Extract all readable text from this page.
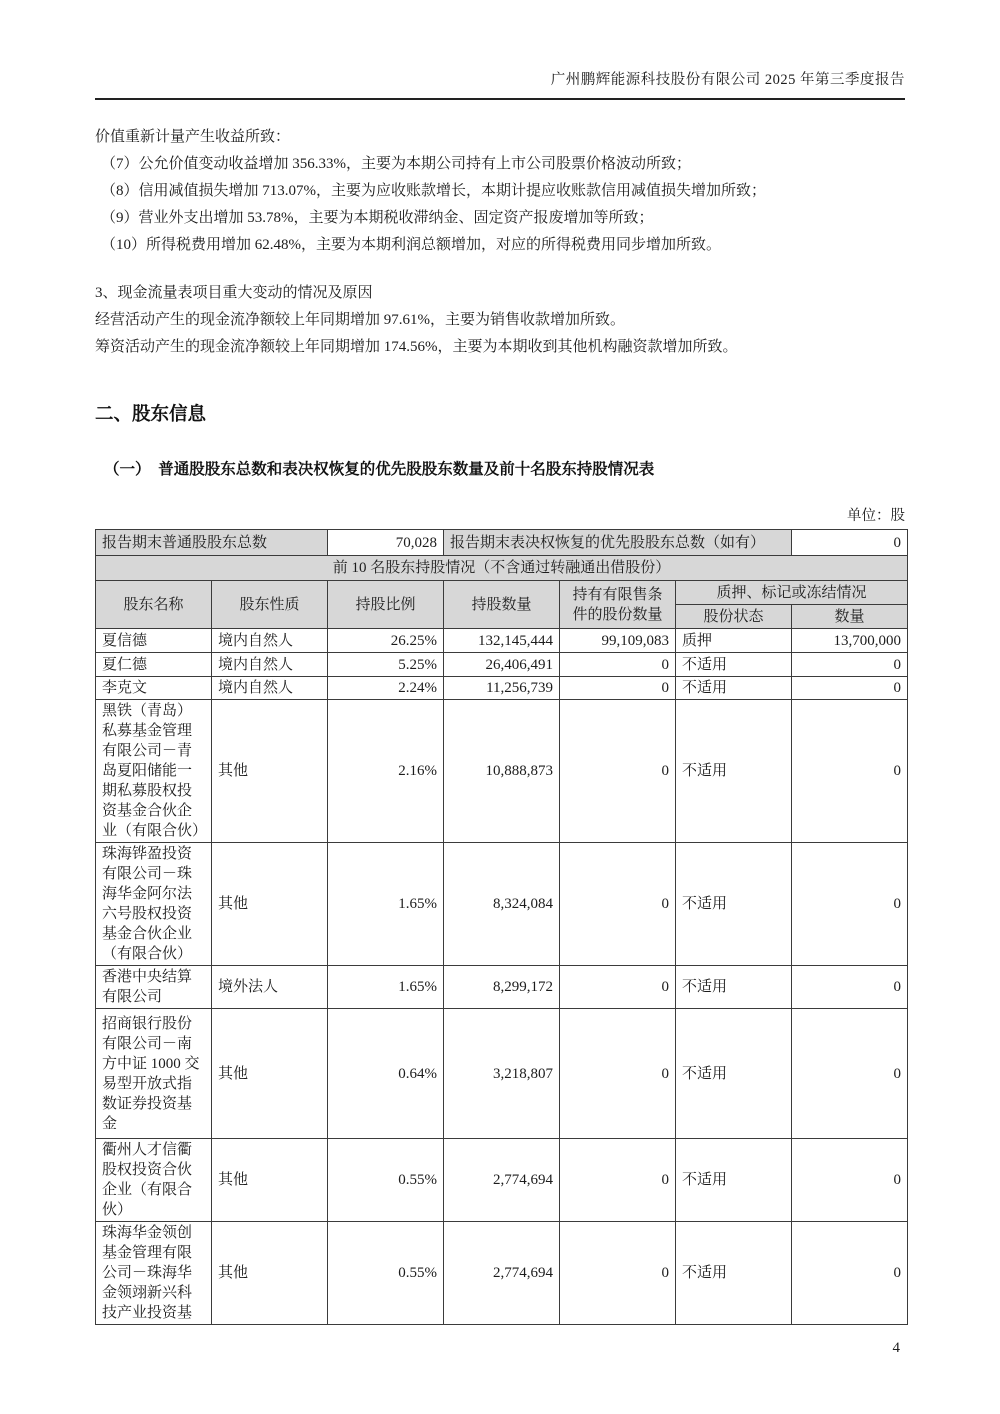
广州鹏辉能源科技股份有限公司 2025 年第三季度报告

价值重新计量产生收益所致：

（7）公允价值变动收益增加 356.33%，主要为本期公司持有上市公司股票价格波动所致；

（8）信用减值损失增加 713.07%，主要为应收账款增长，本期计提应收账款信用减值损失增加所致；

（9）营业外支出增加 53.78%，主要为本期税收滞纳金、固定资产报废增加等所致；

（10）所得税费用增加 62.48%，主要为本期利润总额增加，对应的所得税费用同步增加所致。

3、现金流量表项目重大变动的情况及原因

经营活动产生的现金流净额较上年同期增加 97.61%，主要为销售收款增加所致。

筹资活动产生的现金流净额较上年同期增加 174.56%，主要为本期收到其他机构融资款增加所致。

二、股东信息
（一）　普通股股东总数和表决权恢复的优先股股东数量及前十名股东持股情况表
单位：股
报告期末普通股股东总数		70,028	报告期末表决权恢复的优先股股东总数（如有）			0
前 10 名股东持股情况（不含通过转融通出借股份）						
股东名称	股东性质	持股比例	持股数量	持有有限售条件的股份数量	质押、标记或冻结情况	
					股份状态	数量
夏信德	境内自然人	26.25%	132,145,444	99,109,083	质押	13,700,000
夏仁德	境内自然人	5.25%	26,406,491	0	不适用	0
李克文	境内自然人	2.24%	11,256,739	0	不适用	0
黑铁（青岛）私募基金管理有限公司－青岛夏阳储能一期私募股权投资基金合伙企业（有限合伙）	其他	2.16%	10,888,873	0	不适用	0
珠海铧盈投资有限公司－珠海华金阿尔法六号股权投资基金合伙企业（有限合伙）	其他	1.65%	8,324,084	0	不适用	0
香港中央结算有限公司	境外法人	1.65%	8,299,172	0	不适用	0
招商银行股份有限公司－南方中证 1000 交易型开放式指数证券投资基金	其他	0.64%	3,218,807	0	不适用	0
衢州人才信衢股权投资合伙企业（有限合伙）	其他	0.55%	2,774,694	0	不适用	0
珠海华金领创基金管理有限公司－珠海华金领翊新兴科技产业投资基	其他	0.55%	2,774,694	0	不适用	0
4
